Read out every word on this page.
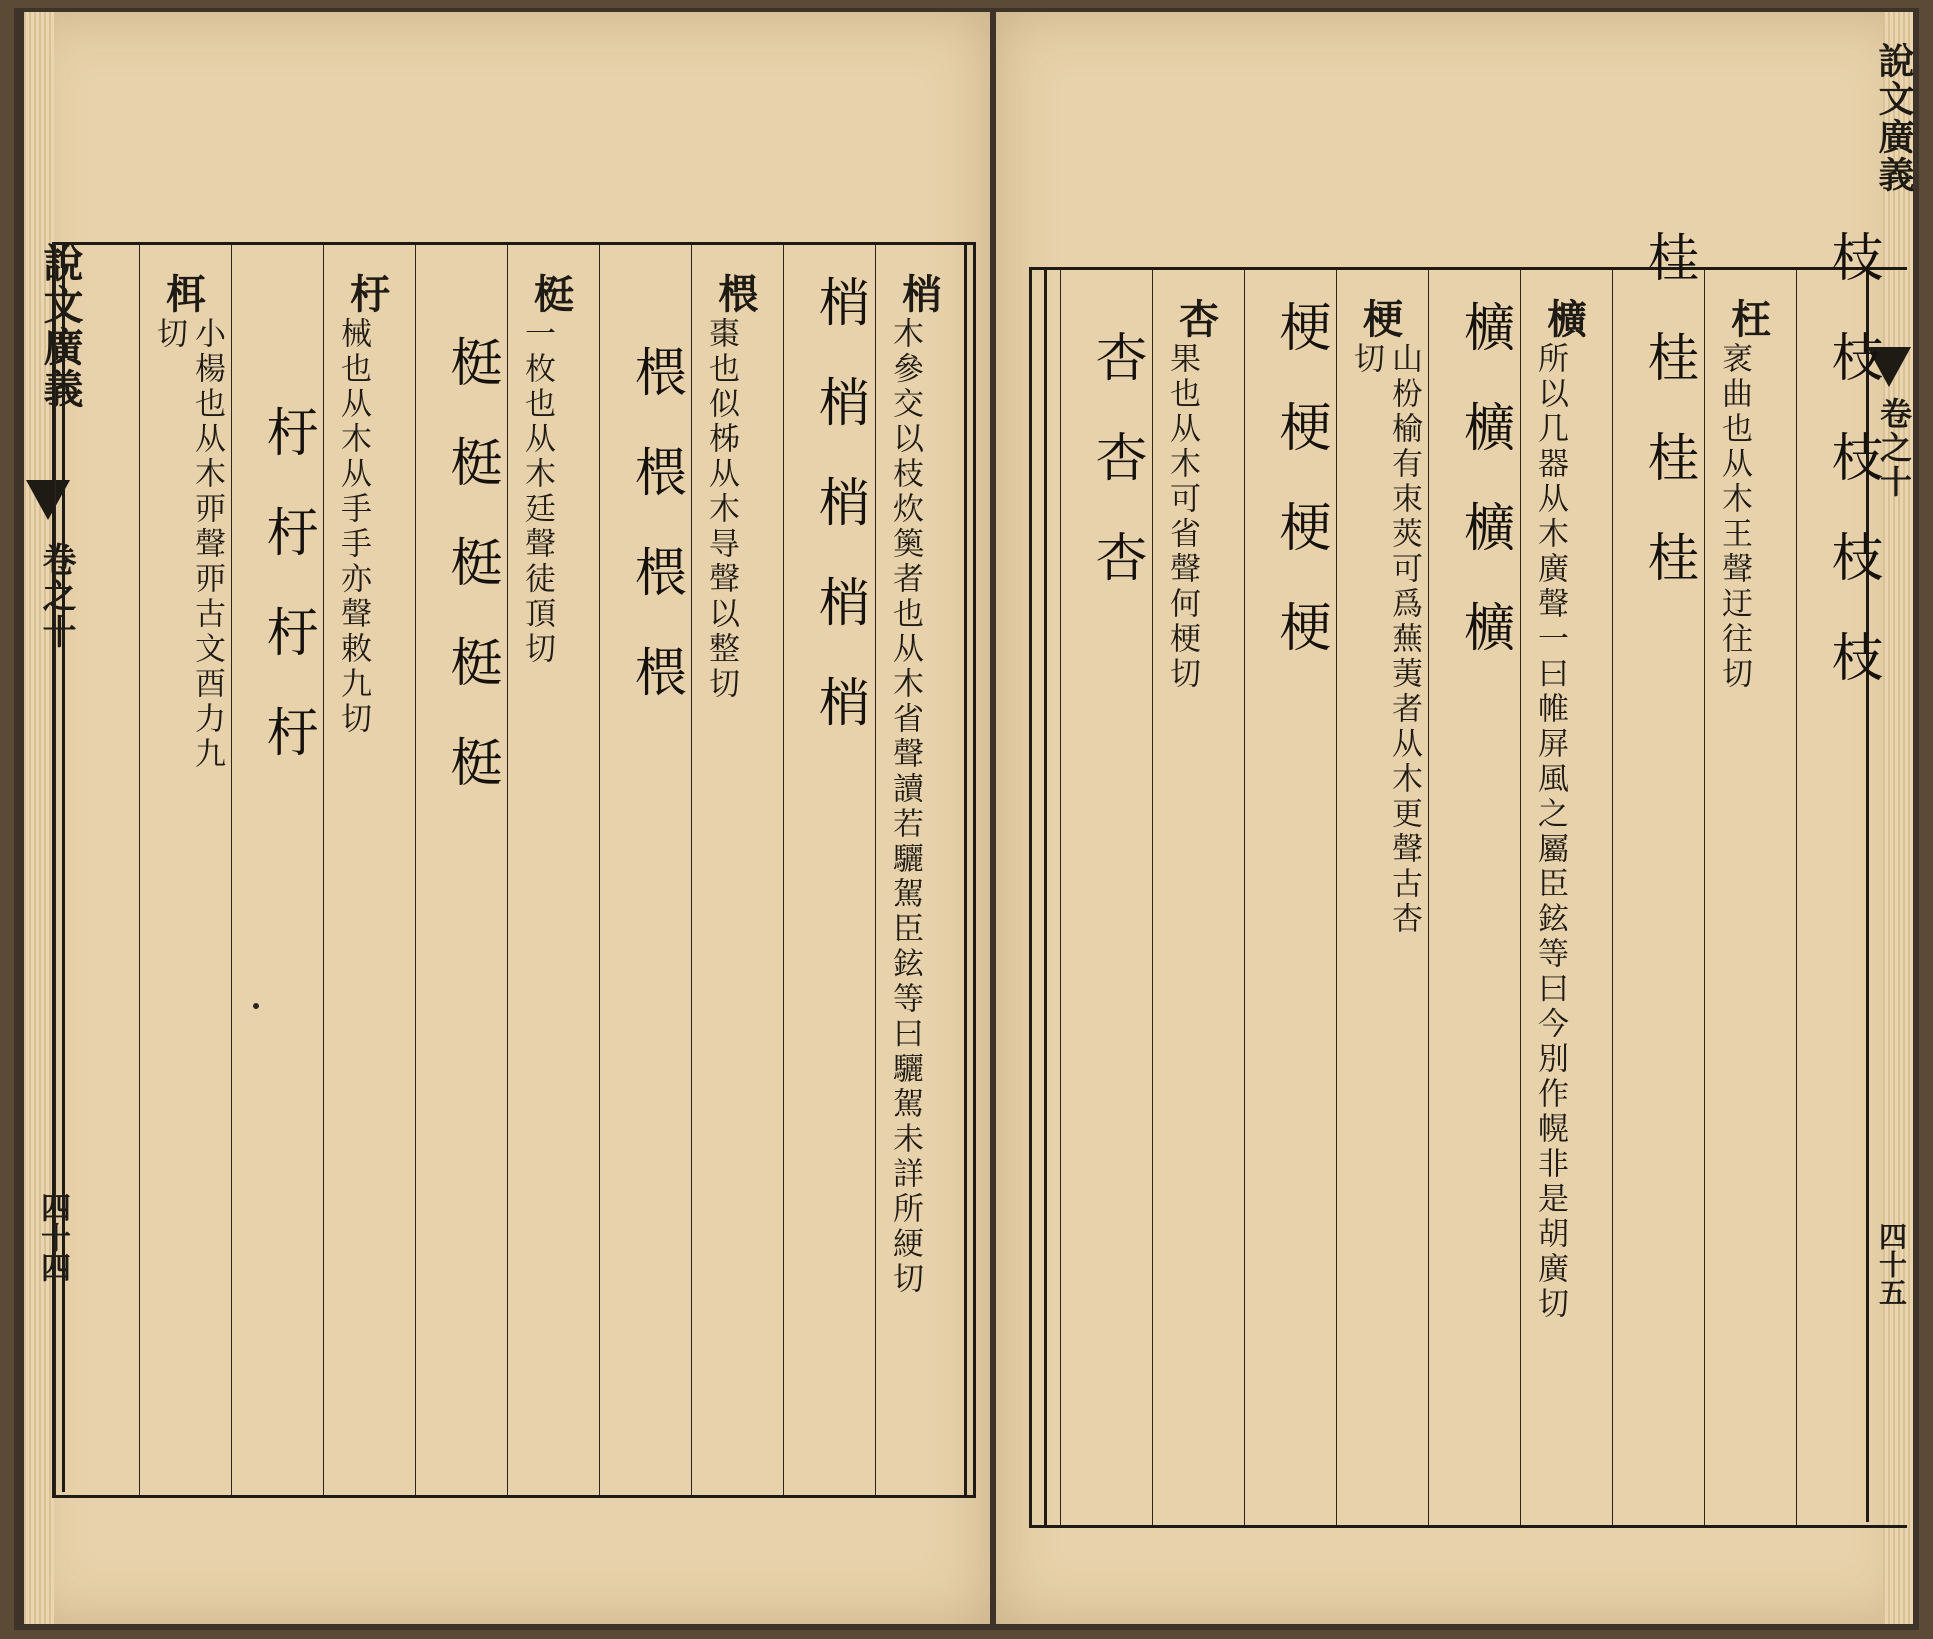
說文廣義
卷之十
四十四
梢
木參交以枝炊䉛者也从木省聲讀若驪駕臣鉉等曰驪駕未詳所綆切
梢梢梢梢梢
椳
棗也似柹从木㝵聲以整切
椳椳椳椳
梃
一枚也从木廷聲徒頂切
梃梃梃梃梃
杅
械也从木从手手亦聲敕九切
杅杅杅杅
栮
小楊也从木丣聲丣古文酉力九切
說文廣義
卷之十
四十五
枝枝枝枝枝
枉
衺曲也从木王聲迂往切
桂桂桂桂
櫎
所以几器从木廣聲一曰帷屏風之屬臣鉉等曰今別作幌非是胡廣切
櫎櫎櫎櫎
梗
山枌榆有朿莢可爲蕪荑者从木更聲古杏切
梗梗梗梗
杏
果也从木可省聲何梗切
杏杏杏
